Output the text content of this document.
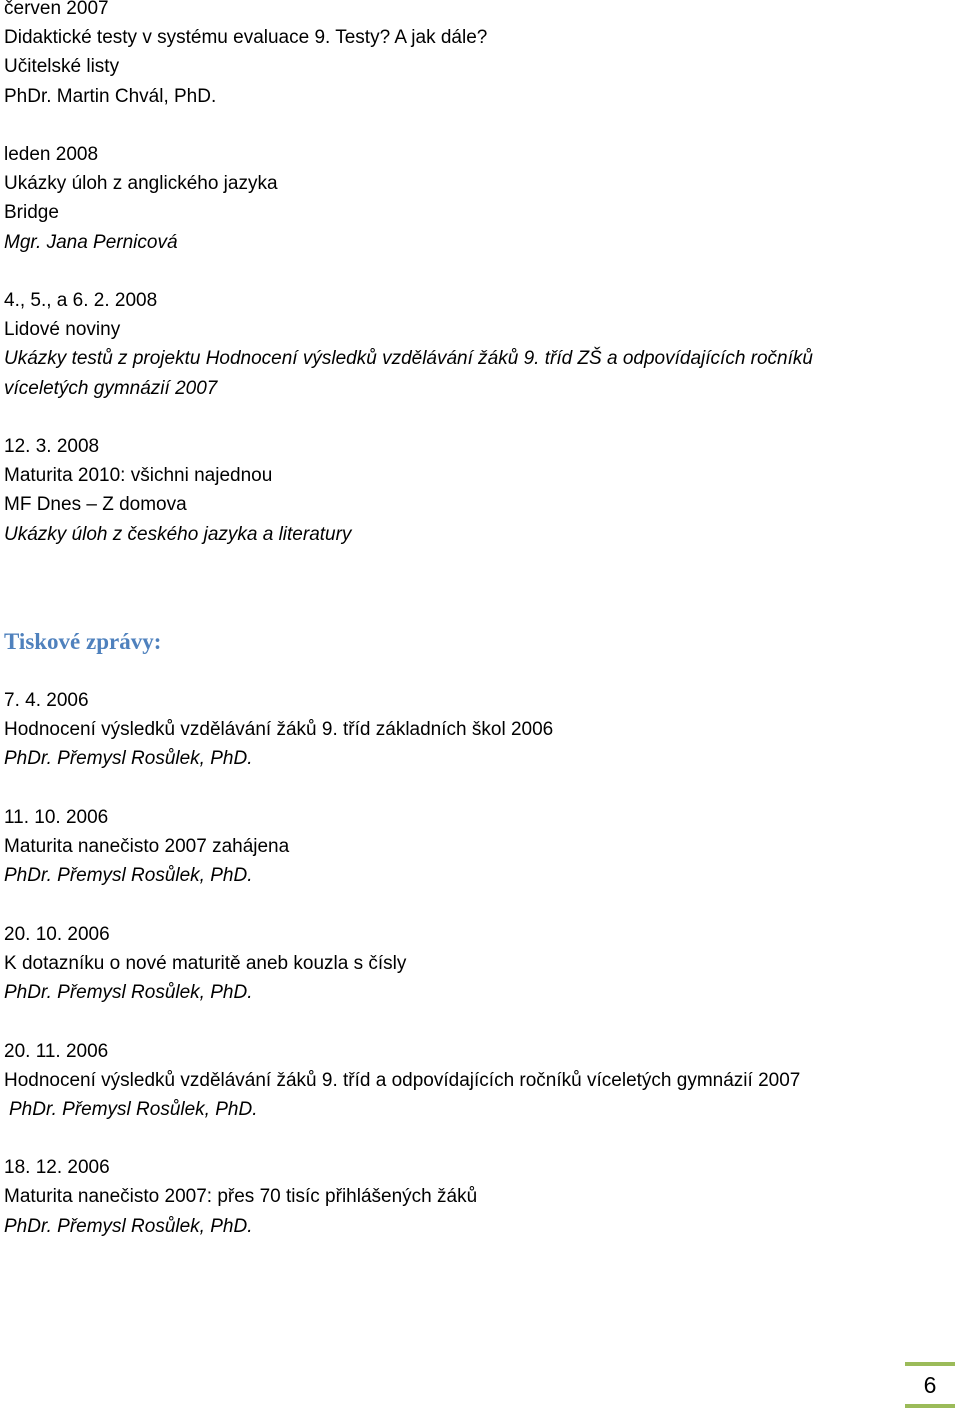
červen 2007
Didaktické testy v systému evaluace 9. Testy? A jak dále?
Učitelské listy
PhDr. Martin Chvál, PhD.
leden 2008
Ukázky úloh z anglického jazyka
Bridge
Mgr. Jana Pernicová
4., 5., a 6. 2. 2008
Lidové noviny
Ukázky testů z projektu Hodnocení výsledků vzdělávání žáků 9. tříd ZŠ a odpovídajících ročníků
víceletých gymnázií 2007
12. 3. 2008
Maturita 2010: všichni najednou
MF Dnes – Z domova
Ukázky úloh z českého jazyka a literatury
Tiskové zprávy:
7. 4. 2006
Hodnocení výsledků vzdělávání žáků 9. tříd základních škol 2006
PhDr. Přemysl Rosůlek, PhD.
11. 10. 2006
Maturita nanečisto 2007 zahájena
PhDr. Přemysl Rosůlek, PhD.
20. 10. 2006
K dotazníku o nové maturitě aneb kouzla s čísly
PhDr. Přemysl Rosůlek, PhD.
20. 11. 2006
Hodnocení výsledků vzdělávání žáků 9. tříd a odpovídajících ročníků víceletých gymnázií 2007
PhDr. Přemysl Rosůlek, PhD.
18. 12. 2006
Maturita nanečisto 2007: přes 70 tisíc přihlášených žáků
PhDr. Přemysl Rosůlek, PhD.
6
